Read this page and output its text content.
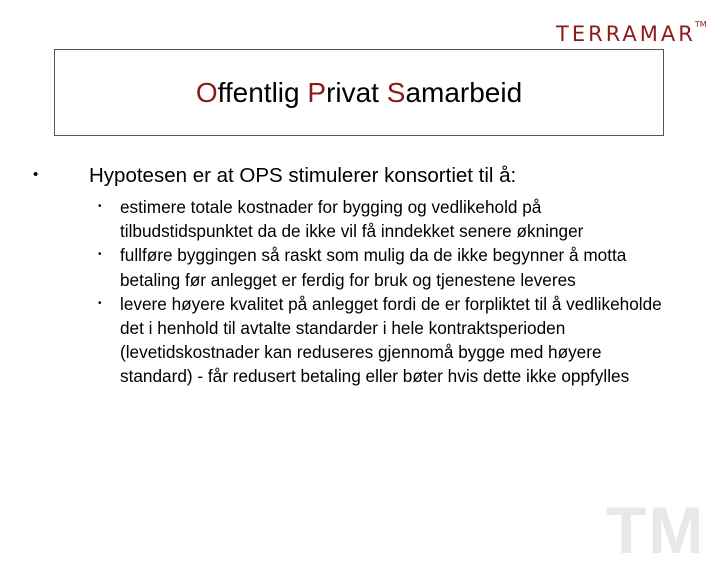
TERRAMAR TM
Offentlig Privat Samarbeid
• Hypotesen er at OPS stimulerer konsortiet til å:
• estimere totale kostnader for bygging og vedlikehold på tilbudstidspunktet da de ikke vil få inndekket senere økninger
• fullføre byggingen så raskt som mulig da de ikke begynner å motta betaling før anlegget er ferdig for bruk og tjenestene leveres
• levere høyere kvalitet på anlegget fordi de er forpliktet til å vedlikeholde det i henhold til avtalte standarder i hele kontraktsperioden (levetidskostnader kan reduseres gjennomå bygge med høyere standard) - får redusert betaling eller bøter hvis dette ikke oppfylles
TM
